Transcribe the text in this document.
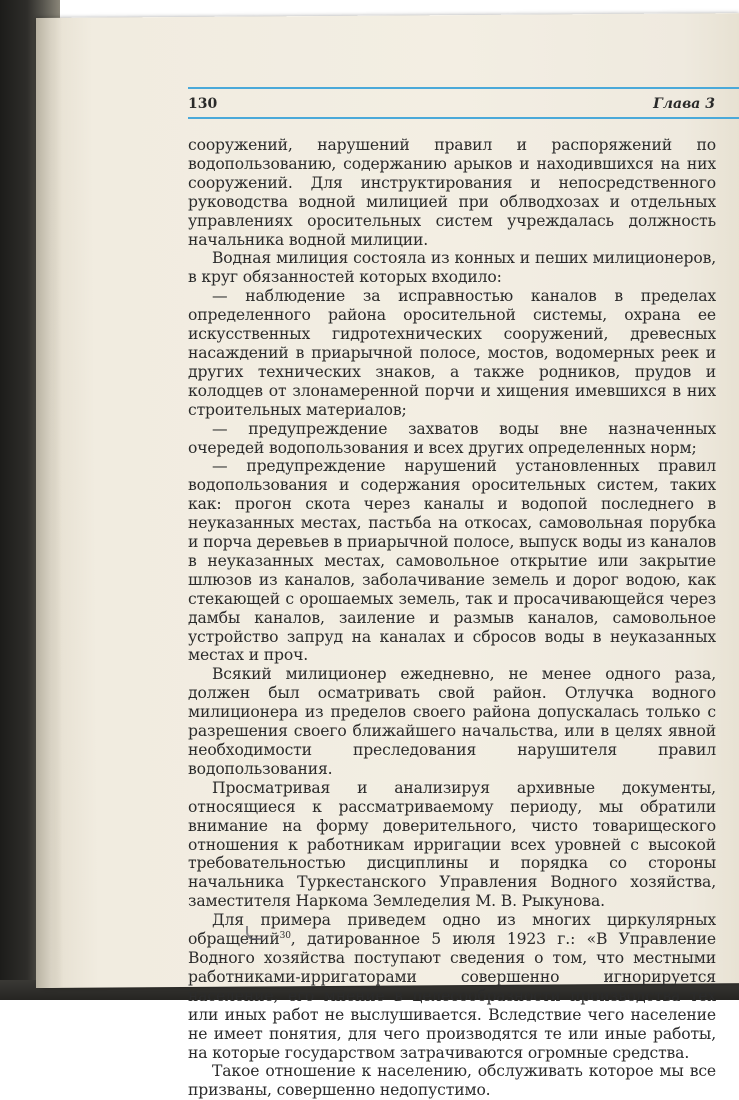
130	Глава 3

сооружений, нарушений правил и распоряжений по водопользованию, содержанию арыков и находившихся на них сооружений. Для инструктирования и непосредственного руководства водной милицией при облводхозах и отдельных управлениях оросительных систем учреждалась должность начальника водной милиции.

Водная милиция состояла из конных и пеших милиционеров, в круг обязанностей которых входило:

— наблюдение за исправностью каналов в пределах определенного района оросительной системы, охрана ее искусственных гидротехнических сооружений, древесных насаждений в приарычной полосе, мостов, водомерных реек и других технических знаков, а также родников, прудов и колодцев от злонамеренной порчи и хищения имевшихся в них строительных материалов;

— предупреждение захватов воды вне назначенных очередей водопользования и всех других определенных норм;

— предупреждение нарушений установленных правил водопользования и содержания оросительных систем, таких как: прогон скота через каналы и водопой последнего в неуказанных местах, пастьба на откосах, самовольная порубка и порча деревьев в приарычной полосе, выпуск воды из каналов в неуказанных местах, самовольное открытие или закрытие шлюзов из каналов, заболачивание земель и дорог водою, как стекающей с орошаемых земель, так и просачивающейся через дамбы каналов, заиление и размыв каналов, самовольное устройство запруд на каналах и сбросов воды в неуказанных местах и проч.

Всякий милиционер ежедневно, не менее одного раза, должен был осматривать свой район. Отлучка водного милиционера из пределов своего района допускалась только с разрешения своего ближайшего начальства, или в целях явной необходимости преследования нарушителя правил водопользования.

Просматривая и анализируя архивные документы, относящиеся к рассматриваемому периоду, мы обратили внимание на форму доверительного, чисто товарищеского отношения к работникам ирригации всех уровней с высокой требовательностью дисциплины и порядка со стороны начальника Туркестанского Управления Водного хозяйства, заместителя Наркома Земледелия М. В. Рыкунова.

Для примера приведем одно из многих циркулярных обращений$^{30}$, датированное 5 июля 1923 г.: «В Управление Водного хозяйства поступают сведения о том, что местными работниками-ирригаторами совершенно игнорируется население, его мнение в целесообразности производства тех или иных работ не выслушивается. Вследствие чего население не имеет понятия, для чего производятся те или иные работы, на которые государством затрачиваются огромные средства.

Такое отношение к населению, обслуживать которое мы все призваны, совершенно недопустимо.
